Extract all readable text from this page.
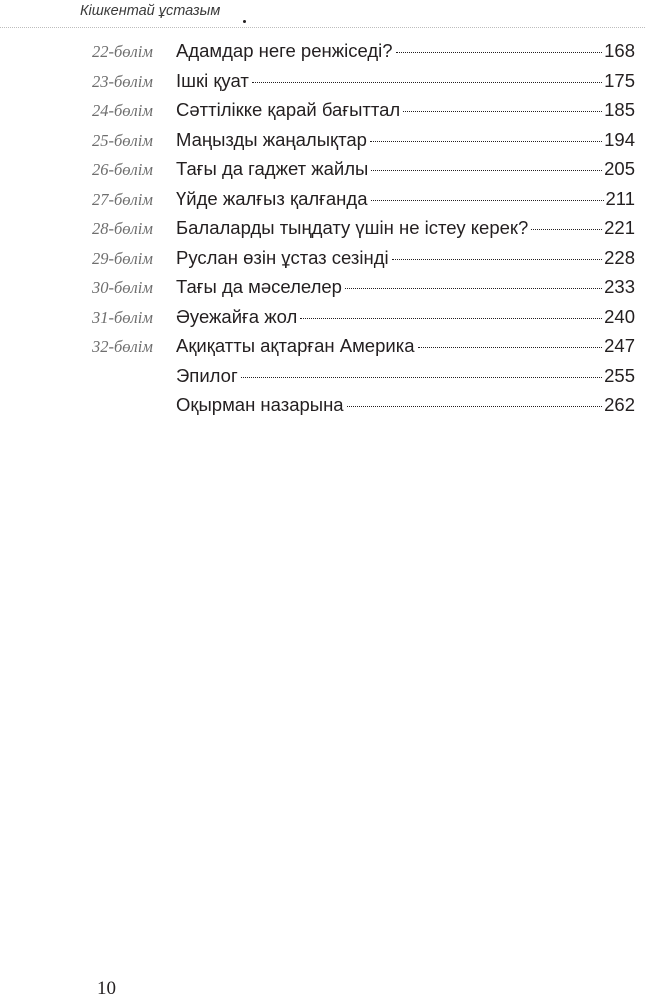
Кішкентай ұстазым
22-бөлім	Адамдар неге ренжіседі?	168
23-бөлім	Ішкі қуат	175
24-бөлім	Сәттілікке қарай бағыттал	185
25-бөлім	Маңызды жаңалықтар	194
26-бөлім	Тағы да гаджет жайлы	205
27-бөлім	Үйде жалғыз қалғанда	211
28-бөлім	Балаларды тыңдату үшін не істеу керек?	221
29-бөлім	Руслан өзін ұстаз сезінді	228
30-бөлім	Тағы да мәселелер	233
31-бөлім	Әуежайға жол	240
32-бөлім	Ақиқатты ақтарған Америка	247
Эпилог	255
Оқырман назарына	262
10
